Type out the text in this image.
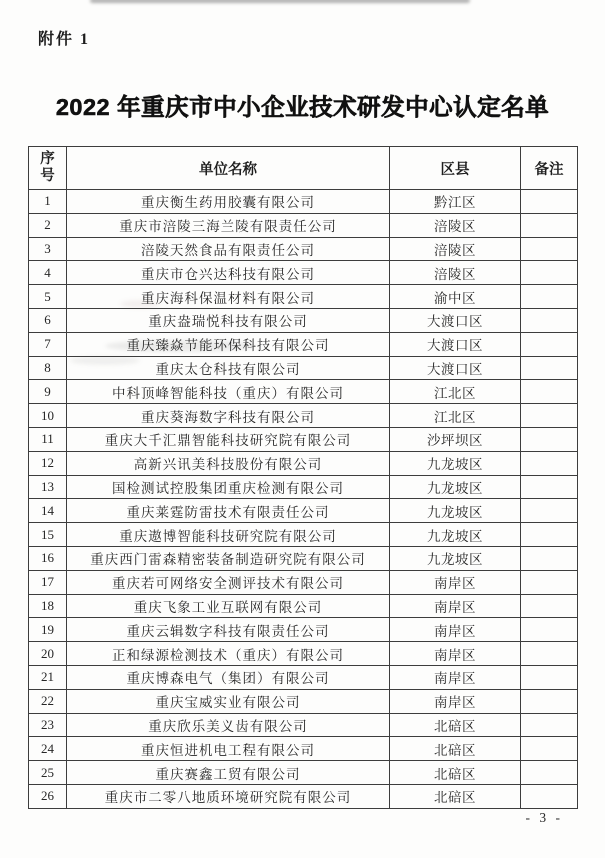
附件 1
2022 年重庆市中小企业技术研发中心认定名单
序号	单位名称	区县	备注
1	重庆衡生药用胶囊有限公司	黔江区	
2	重庆市涪陵三海兰陵有限责任公司	涪陵区	
3	涪陵天然食品有限责任公司	涪陵区	
4	重庆市仓兴达科技有限公司	涪陵区	
5	重庆海科保温材料有限公司	渝中区	
6	重庆盎瑞悦科技有限公司	大渡口区	
7	重庆臻焱节能环保科技有限公司	大渡口区	
8	重庆太仓科技有限公司	大渡口区	
9	中科顶峰智能科技（重庆）有限公司	江北区	
10	重庆葵海数字科技有限公司	江北区	
11	重庆大千汇鼎智能科技研究院有限公司	沙坪坝区	
12	高新兴讯美科技股份有限公司	九龙坡区	
13	国检测试控股集团重庆检测有限公司	九龙坡区	
14	重庆莱霆防雷技术有限责任公司	九龙坡区	
15	重庆遨博智能科技研究院有限公司	九龙坡区	
16	重庆西门雷森精密装备制造研究院有限公司	九龙坡区	
17	重庆若可网络安全测评技术有限公司	南岸区	
18	重庆飞象工业互联网有限公司	南岸区	
19	重庆云辑数字科技有限责任公司	南岸区	
20	正和绿源检测技术（重庆）有限公司	南岸区	
21	重庆博森电气（集团）有限公司	南岸区	
22	重庆宝威实业有限公司	南岸区	
23	重庆欣乐美义齿有限公司	北碚区	
24	重庆恒进机电工程有限公司	北碚区	
25	重庆赛鑫工贸有限公司	北碚区	
26	重庆市二零八地质环境研究院有限公司	北碚区	
- 3 -
